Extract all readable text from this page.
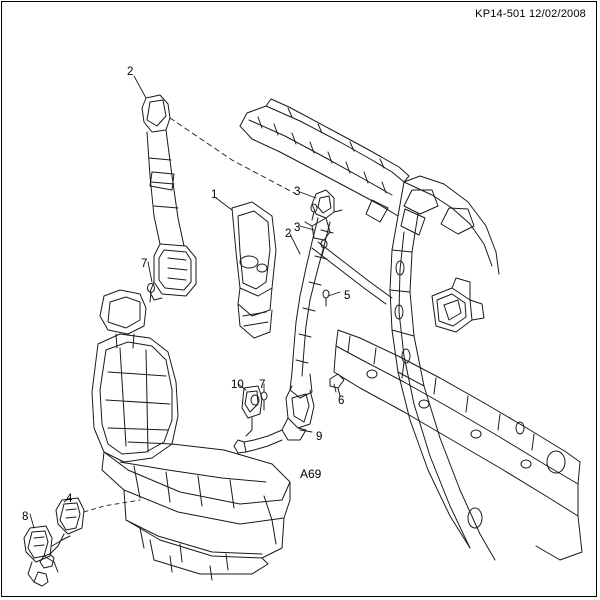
KP14-501 12/02/2008
2
1	3
3
2
7
5
10 7
6
9
4
8
A69
